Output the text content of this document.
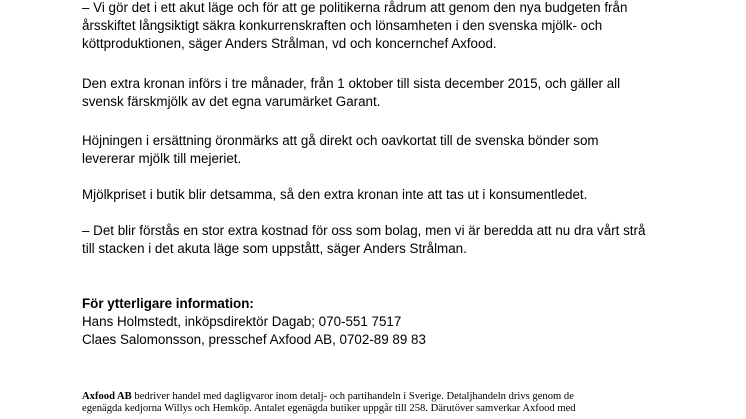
– Vi gör det i ett akut läge och för att ge politikerna rådrum att genom den nya budgeten från
årsskiftet långsiktigt säkra konkurrenskraften och lönsamheten i den svenska mjölk- och
köttproduktionen, säger Anders Strålman, vd och koncernchef Axfood.
Den extra kronan införs i tre månader, från 1 oktober till sista december 2015, och gäller all
svensk färskmjölk av det egna varumärket Garant.
Höjningen i ersättning öronmärks att gå direkt och oavkortat till de svenska bönder som
levererar mjölk till mejeriet.
Mjölkpriset i butik blir detsamma, så den extra kronan inte att tas ut i konsumentledet.
– Det blir förstås en stor extra kostnad för oss som bolag, men vi är beredda att nu dra vårt strå
till stacken i det akuta läge som uppstått, säger Anders Strålman.
För ytterligare information:
Hans Holmstedt, inköpsdirektör Dagab; 070-551 7517
Claes Salomonsson, presschef Axfood AB, 0702-89 89 83
Axfood AB bedriver handel med dagligvaror inom detalj- och partihandeln i Sverige. Detaljhandeln drivs genom de
egenägda kedjorna Willys och Hemköp. Antalet egenägda butiker uppgår till 258. Därutöver samverkar Axfood med
